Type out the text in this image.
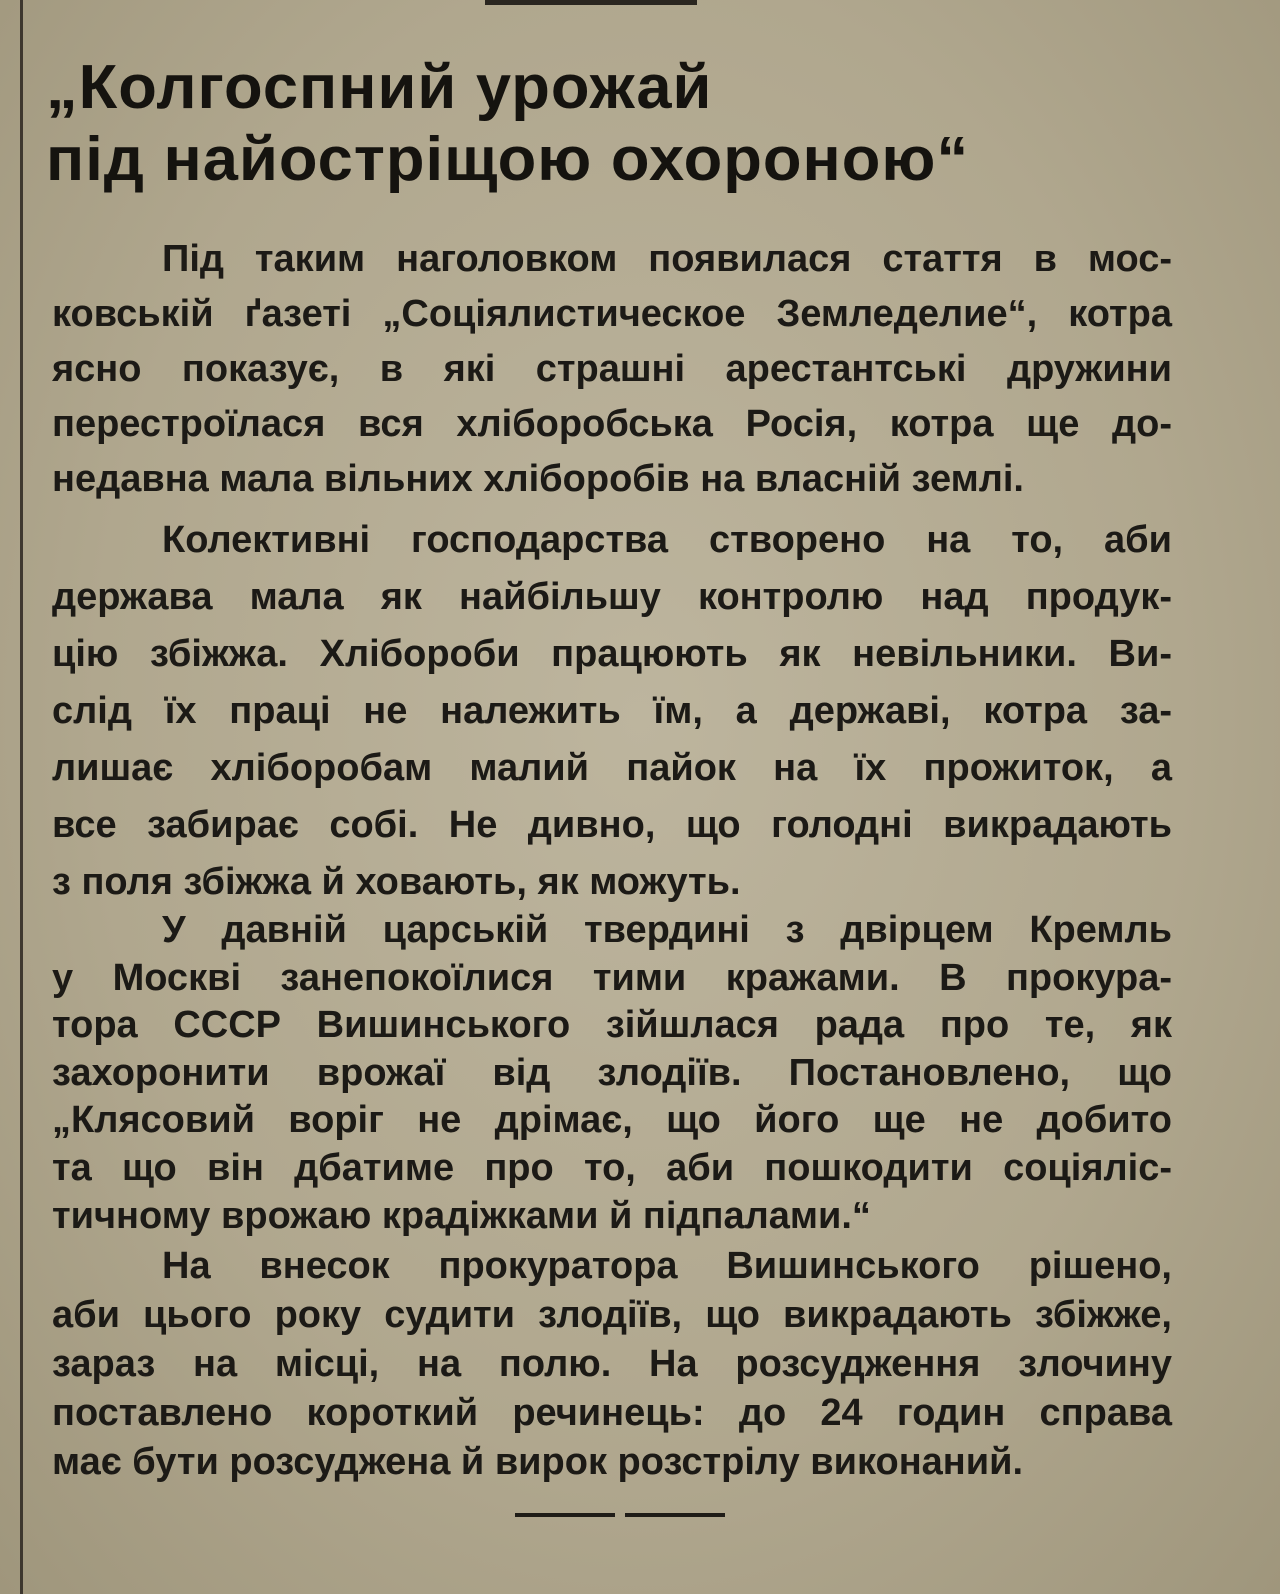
„Колгоспний урожай
під найостріщою охороною“
Під таким наголовком появилася стаття в мос-
ковській ґазеті „Соціялистическое Земледелие“, котра
ясно показує, в які страшні арестантські дружини
перестроїлася вся хліборобська Росія, котра ще до-
недавна мала вільних хліборобів на власній землі.
Колективні господарства створено на то, аби
держава мала як найбільшу контролю над продук-
цію збіжжа. Хлібороби працюють як невільники. Ви-
слід їх праці не належить їм, а державі, котра за-
лишає хліборобам малий пайок на їх прожиток, а
все забирає собі. Не дивно, що голодні викрадають
з поля збіжжа й ховають, як можуть.
У давній царській твердині з двірцем Кремль
у Москві занепокоїлися тими кражами. В прокура-
тора СССР Вишинського зійшлася рада про те, як
захоронити врожаї від злодіїв. Постановлено, що
„Клясовий воріг не дрімає, що його ще не добито
та що він дбатиме про то, аби пошкодити соціяліс-
тичному врожаю крадіжками й підпалами.“
На внесок прокуратора Вишинського рішено,
аби цього року судити злодіїв, що викрадають збіжже,
зараз на місці, на полю. На розсудження злочину
поставлено короткий речинець: до 24 годин справа
має бути розсуджена й вирок розстрілу виконаний.
